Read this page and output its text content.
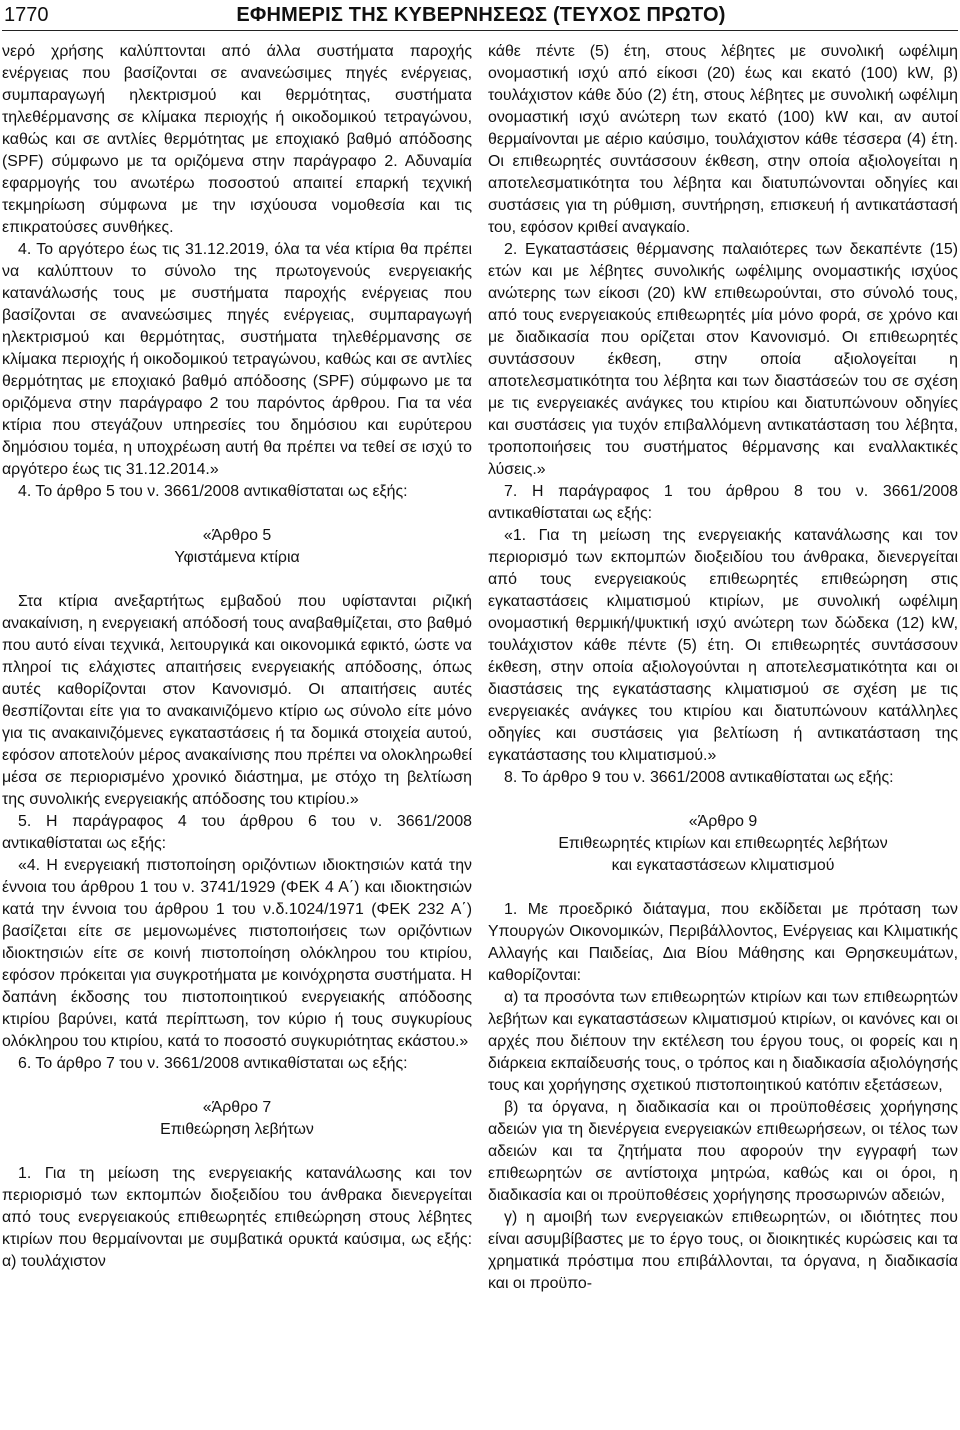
1770	ΕΦΗΜΕΡΙΣ ΤΗΣ ΚΥΒΕΡΝΗΣΕΩΣ (ΤΕΥΧΟΣ ΠΡΩΤΟ)

νερό χρήσης καλύπτονται από άλλα συστήματα παροχής ενέργειας που βασίζονται σε ανανεώσιμες πηγές ενέργειας, συμπαραγωγή ηλεκτρισμού και θερμότητας, συστήματα τηλεθέρμανσης σε κλίμακα περιοχής ή οικοδομικού τετραγώνου, καθώς και σε αντλίες θερμότητας με εποχιακό βαθμό απόδοσης (SPF) σύμφωνο με τα οριζόμενα στην παράγραφο 2. Αδυναμία εφαρμογής του ανωτέρω ποσοστού απαιτεί επαρκή τεχνική τεκμηρίωση σύμφωνα με την ισχύουσα νομοθεσία και τις επικρατούσες συνθήκες.

4. Το αργότερο έως τις 31.12.2019, όλα τα νέα κτίρια θα πρέπει να καλύπτουν το σύνολο της πρωτογενούς ενεργειακής κατανάλωσής τους με συστήματα παροχής ενέργειας που βασίζονται σε ανανεώσιμες πηγές ενέργειας, συμπαραγωγή ηλεκτρισμού και θερμότητας, συστήματα τηλεθέρμανσης σε κλίμακα περιοχής ή οικοδομικού τετραγώνου, καθώς και σε αντλίες θερμότητας με εποχιακό βαθμό απόδοσης (SPF) σύμφωνο με τα οριζόμενα στην παράγραφο 2 του παρόντος άρθρου. Για τα νέα κτίρια που στεγάζουν υπηρεσίες του δημόσιου και ευρύτερου δημόσιου τομέα, η υποχρέωση αυτή θα πρέπει να τεθεί σε ισχύ το αργότερο έως τις 31.12.2014.»

4. Το άρθρο 5 του ν. 3661/2008 αντικαθίσταται ως εξής:

«Άρθρο 5

Υφιστάμενα κτίρια

Στα κτίρια ανεξαρτήτως εμβαδού που υφίστανται ριζική ανακαίνιση, η ενεργειακή απόδοσή τους αναβαθμίζεται, στο βαθμό που αυτό είναι τεχνικά, λειτουργικά και οικονομικά εφικτό, ώστε να πληροί τις ελάχιστες απαιτήσεις ενεργειακής απόδοσης, όπως αυτές καθορίζονται στον Κανονισμό. Οι απαιτήσεις αυτές θεσπίζονται είτε για το ανακαινιζόμενο κτίριο ως σύνολο είτε μόνο για τις ανακαινιζόμενες εγκαταστάσεις ή τα δομικά στοιχεία αυτού, εφόσον αποτελούν μέρος ανακαίνισης που πρέπει να ολοκληρωθεί μέσα σε περιορισμένο χρονικό διάστημα, με στόχο τη βελτίωση της συνολικής ενεργειακής απόδοσης του κτιρίου.»

5. Η παράγραφος 4 του άρθρου 6 του ν. 3661/2008 αντικαθίσταται ως εξής:

«4. Η ενεργειακή πιστοποίηση οριζόντιων ιδιοκτησιών κατά την έννοια του άρθρου 1 του ν. 3741/1929 (ΦΕΚ 4 Α΄) και ιδιοκτησιών κατά την έννοια του άρθρου 1 του ν.δ.1024/1971 (ΦΕΚ 232 Α΄) βασίζεται είτε σε μεμονωμένες πιστοποιήσεις των οριζόντιων ιδιοκτησιών είτε σε κοινή πιστοποίηση ολόκληρου του κτιρίου, εφόσον πρόκειται για συγκροτήματα με κοινόχρηστα συστήματα. Η δαπάνη έκδοσης του πιστοποιητικού ενεργειακής απόδοσης κτιρίου βαρύνει, κατά περίπτωση, τον κύριο ή τους συγκυρίους ολόκληρου του κτιρίου, κατά το ποσοστό συγκυριότητας εκάστου.»

6. Το άρθρο 7 του ν. 3661/2008 αντικαθίσταται ως εξής:

«Άρθρο 7

Επιθεώρηση λεβήτων

1. Για τη μείωση της ενεργειακής κατανάλωσης και τον περιορισμό των εκπομπών διοξειδίου του άνθρακα διενεργείται από τους ενεργειακούς επιθεωρητές επιθεώρηση στους λέβητες κτιρίων που θερμαίνονται με συμβατικά ορυκτά καύσιμα, ως εξής: α) τουλάχιστον

κάθε πέντε (5) έτη, στους λέβητες με συνολική ωφέλιμη ονομαστική ισχύ από είκοσι (20) έως και εκατό (100) kW, β) τουλάχιστον κάθε δύο (2) έτη, στους λέβητες με συνολική ωφέλιμη ονομαστική ισχύ ανώτερη των εκατό (100) kW και, αν αυτοί θερμαίνονται με αέριο καύσιμο, τουλάχιστον κάθε τέσσερα (4) έτη. Οι επιθεωρητές συντάσσουν έκθεση, στην οποία αξιολογείται η αποτελεσματικότητα του λέβητα και διατυπώνονται οδηγίες και συστάσεις για τη ρύθμιση, συντήρηση, επισκευή ή αντικατάστασή του, εφόσον κριθεί αναγκαίο.

2. Εγκαταστάσεις θέρμανσης παλαιότερες των δεκαπέντε (15) ετών και με λέβητες συνολικής ωφέλιμης ονομαστικής ισχύος ανώτερης των είκοσι (20) kW επιθεωρούνται, στο σύνολό τους, από τους ενεργειακούς επιθεωρητές μία μόνο φορά, σε χρόνο και με διαδικασία που ορίζεται στον Κανονισμό. Οι επιθεωρητές συντάσσουν έκθεση, στην οποία αξιολογείται η αποτελεσματικότητα του λέβητα και των διαστάσεών του σε σχέση με τις ενεργειακές ανάγκες του κτιρίου και διατυπώνουν οδηγίες και συστάσεις για τυχόν επιβαλλόμενη αντικατάσταση του λέβητα, τροποποιήσεις του συστήματος θέρμανσης και εναλλακτικές λύσεις.»

7. Η παράγραφος 1 του άρθρου 8 του ν. 3661/2008 αντικαθίσταται ως εξής:

«1. Για τη μείωση της ενεργειακής κατανάλωσης και τον περιορισμό των εκπομπών διοξειδίου του άνθρακα, διενεργείται από τους ενεργειακούς επιθεωρητές επιθεώρηση στις εγκαταστάσεις κλιματισμού κτιρίων, με συνολική ωφέλιμη ονομαστική θερμική/ψυκτική ισχύ ανώτερη των δώδεκα (12) kW, τουλάχιστον κάθε πέντε (5) έτη. Οι επιθεωρητές συντάσσουν έκθεση, στην οποία αξιολογούνται η αποτελεσματικότητα και οι διαστάσεις της εγκατάστασης κλιματισμού σε σχέση με τις ενεργειακές ανάγκες του κτιρίου και διατυπώνουν κατάλληλες οδηγίες και συστάσεις για βελτίωση ή αντικατάσταση της εγκατάστασης του κλιματισμού.»

8. Το άρθρο 9 του ν. 3661/2008 αντικαθίσταται ως εξής:

«Άρθρο 9

Επιθεωρητές κτιρίων και επιθεωρητές λεβήτων

και εγκαταστάσεων κλιματισμού

1. Με προεδρικό διάταγμα, που εκδίδεται με πρόταση των Υπουργών Οικονομικών, Περιβάλλοντος, Ενέργειας και Κλιματικής Αλλαγής και Παιδείας, Δια Βίου Μάθησης και Θρησκευμάτων, καθορίζονται:

α) τα προσόντα των επιθεωρητών κτιρίων και των επιθεωρητών λεβήτων και εγκαταστάσεων κλιματισμού κτιρίων, οι κανόνες και οι αρχές που διέπουν την εκτέλεση του έργου τους, οι φορείς και η διάρκεια εκπαίδευσής τους, ο τρόπος και η διαδικασία αξιολόγησής τους και χορήγησης σχετικού πιστοποιητικού κατόπιν εξετάσεων,

β) τα όργανα, η διαδικασία και οι προϋποθέσεις χορήγησης αδειών για τη διενέργεια ενεργειακών επιθεωρήσεων, οι τέλος των αδειών και τα ζητήματα που αφορούν την εγγραφή των επιθεωρητών σε αντίστοιχα μητρώα, καθώς και οι όροι, η διαδικασία και οι προϋποθέσεις χορήγησης προσωρινών αδειών,

γ) η αμοιβή των ενεργειακών επιθεωρητών, οι ιδιότητες που είναι ασυμβίβαστες με το έργο τους, οι διοικητικές κυρώσεις και τα χρηματικά πρόστιμα που επιβάλλονται, τα όργανα, η διαδικασία και οι προϋπο-
